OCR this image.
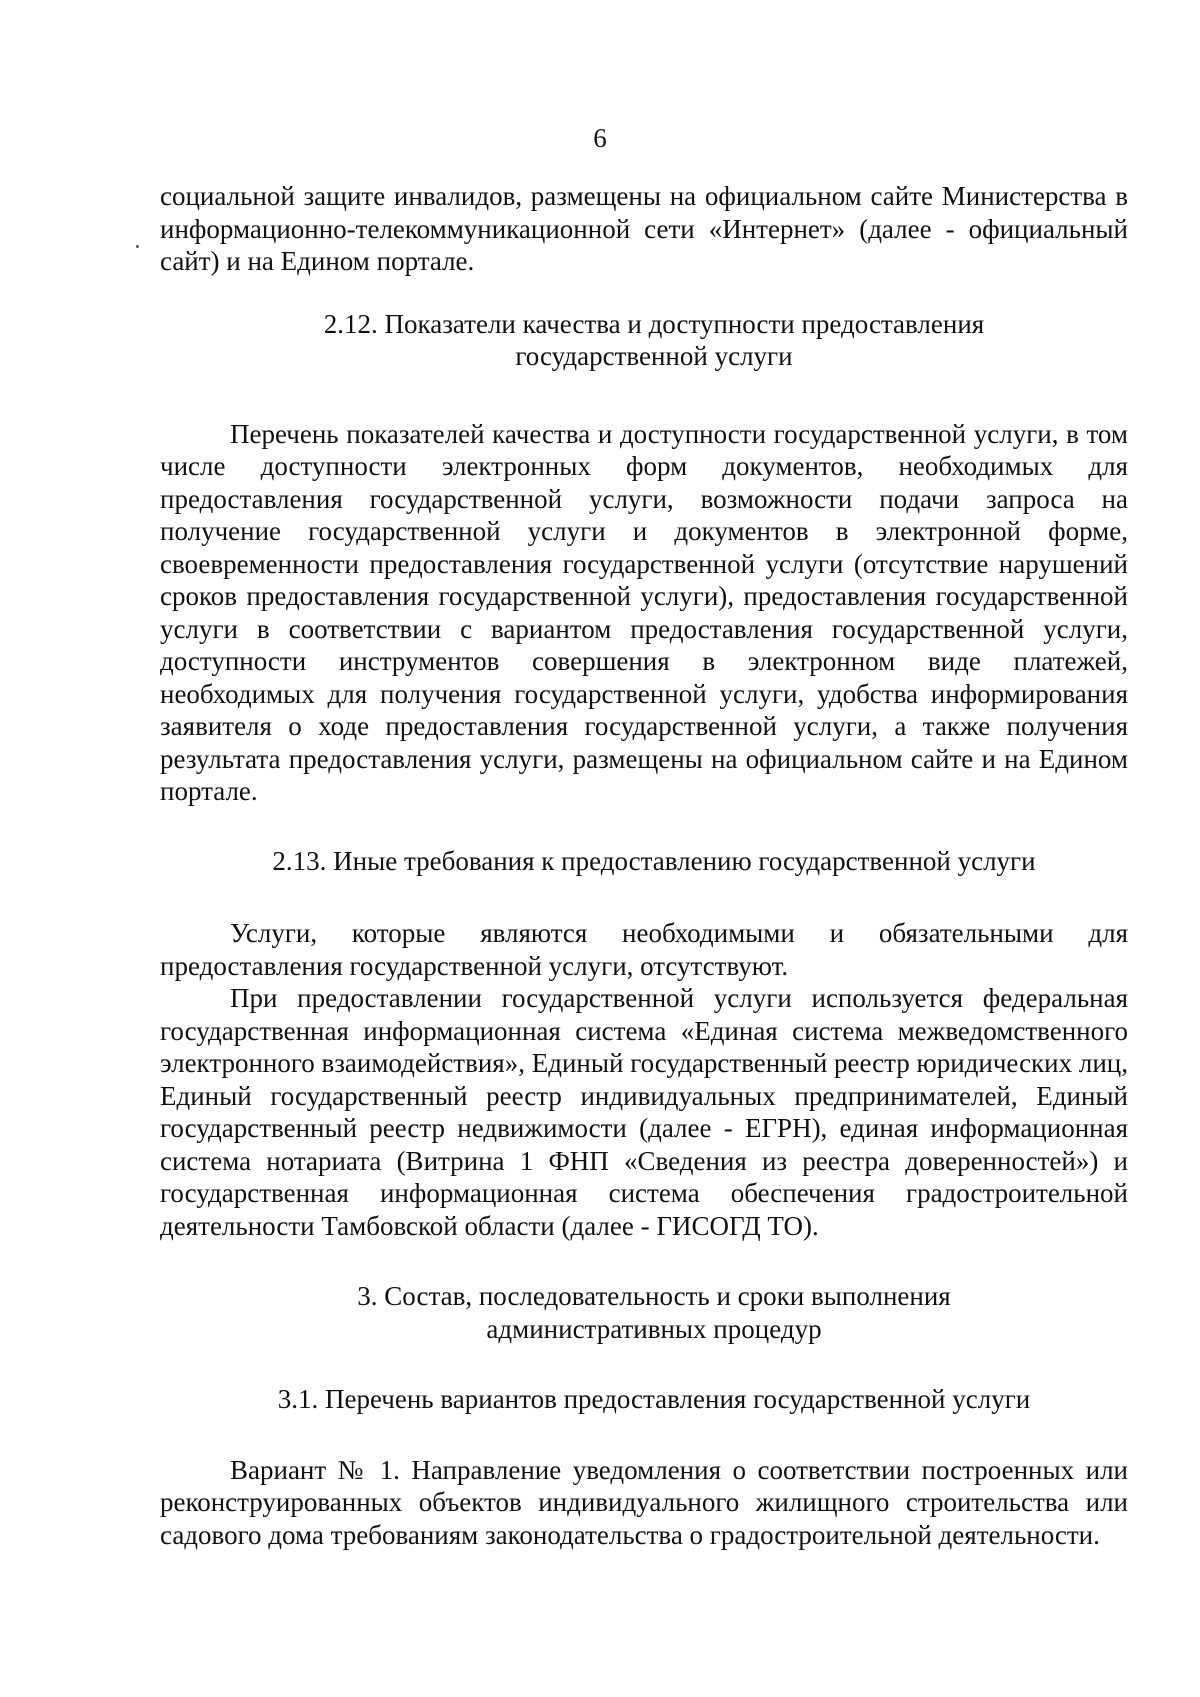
6

социальной защите инвалидов, размещены на официальном сайте Министерства в информационно-телекоммуникационной сети «Интернет» (далее - официальный сайт) и на Едином портале.

2.12. Показатели качества и доступности предоставления
государственной услуги

Перечень показателей качества и доступности государственной услуги, в том числе доступности электронных форм документов, необходимых для предоставления государственной услуги, возможности подачи запроса на получение государственной услуги и документов в электронной форме, своевременности предоставления государственной услуги (отсутствие нарушений сроков предоставления государственной услуги), предоставления государственной услуги в соответствии с вариантом предоставления государственной услуги, доступности инструментов совершения в электронном виде платежей, необходимых для получения государственной услуги, удобства информирования заявителя о ходе предоставления государственной услуги, а также получения результата предоставления услуги, размещены на официальном сайте и на Едином портале.

2.13. Иные требования к предоставлению государственной услуги

Услуги, которые являются необходимыми и обязательными для предоставления государственной услуги, отсутствуют.

При предоставлении государственной услуги используется федеральная государственная информационная система «Единая система межведомственного электронного взаимодействия», Единый государственный реестр юридических лиц, Единый государственный реестр индивидуальных предпринимателей, Единый государственный реестр недвижимости (далее - ЕГРН), единая информационная система нотариата (Витрина 1 ФНП «Сведения из реестра доверенностей») и государственная информационная система обеспечения градостроительной деятельности Тамбовской области (далее - ГИСОГД ТО).

3. Состав, последовательность и сроки выполнения
административных процедур
3.1. Перечень вариантов предоставления государственной услуги

Вариант № 1. Направление уведомления о соответствии построенных или реконструированных объектов индивидуального жилищного строительства или садового дома требованиям законодательства о градостроительной деятельности.
